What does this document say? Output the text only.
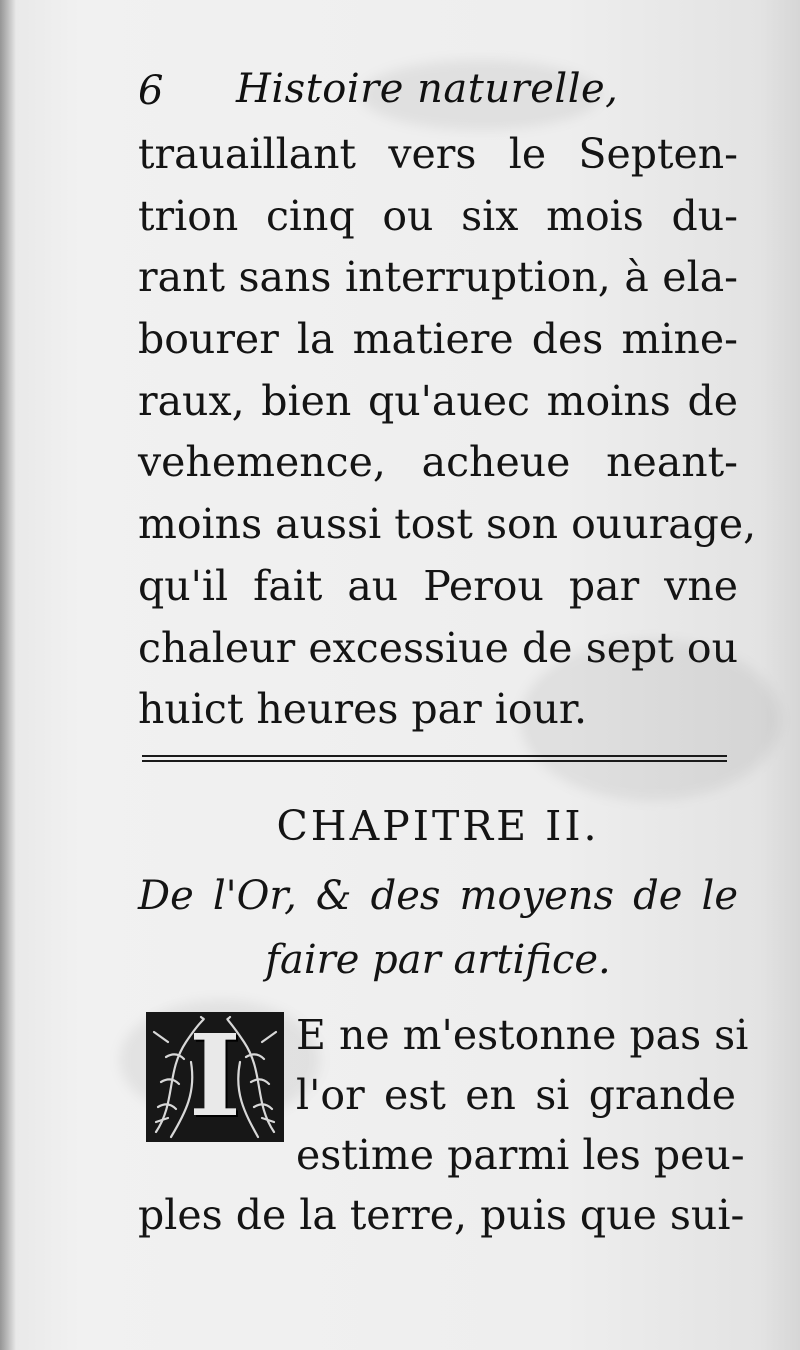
6 Histoire naturelle,
trauaillant vers le Septen-
trion cinq ou six mois du-
rant sans interruption, à ela-
bourer la matiere des mine-
raux, bien qu'auec moins de
vehemence, acheue neant-
moins aussi tost son ouurage,
qu'il fait au Perou par vne
chaleur excessiue de sept ou
huict heures par iour.
CHAPITRE II.
De l'Or, & des moyens de le
faire par artifice.
I	E ne m'estonne pas si
l'or est en si grande
estime parmi les peu-
ples de la terre, puis que sui-
